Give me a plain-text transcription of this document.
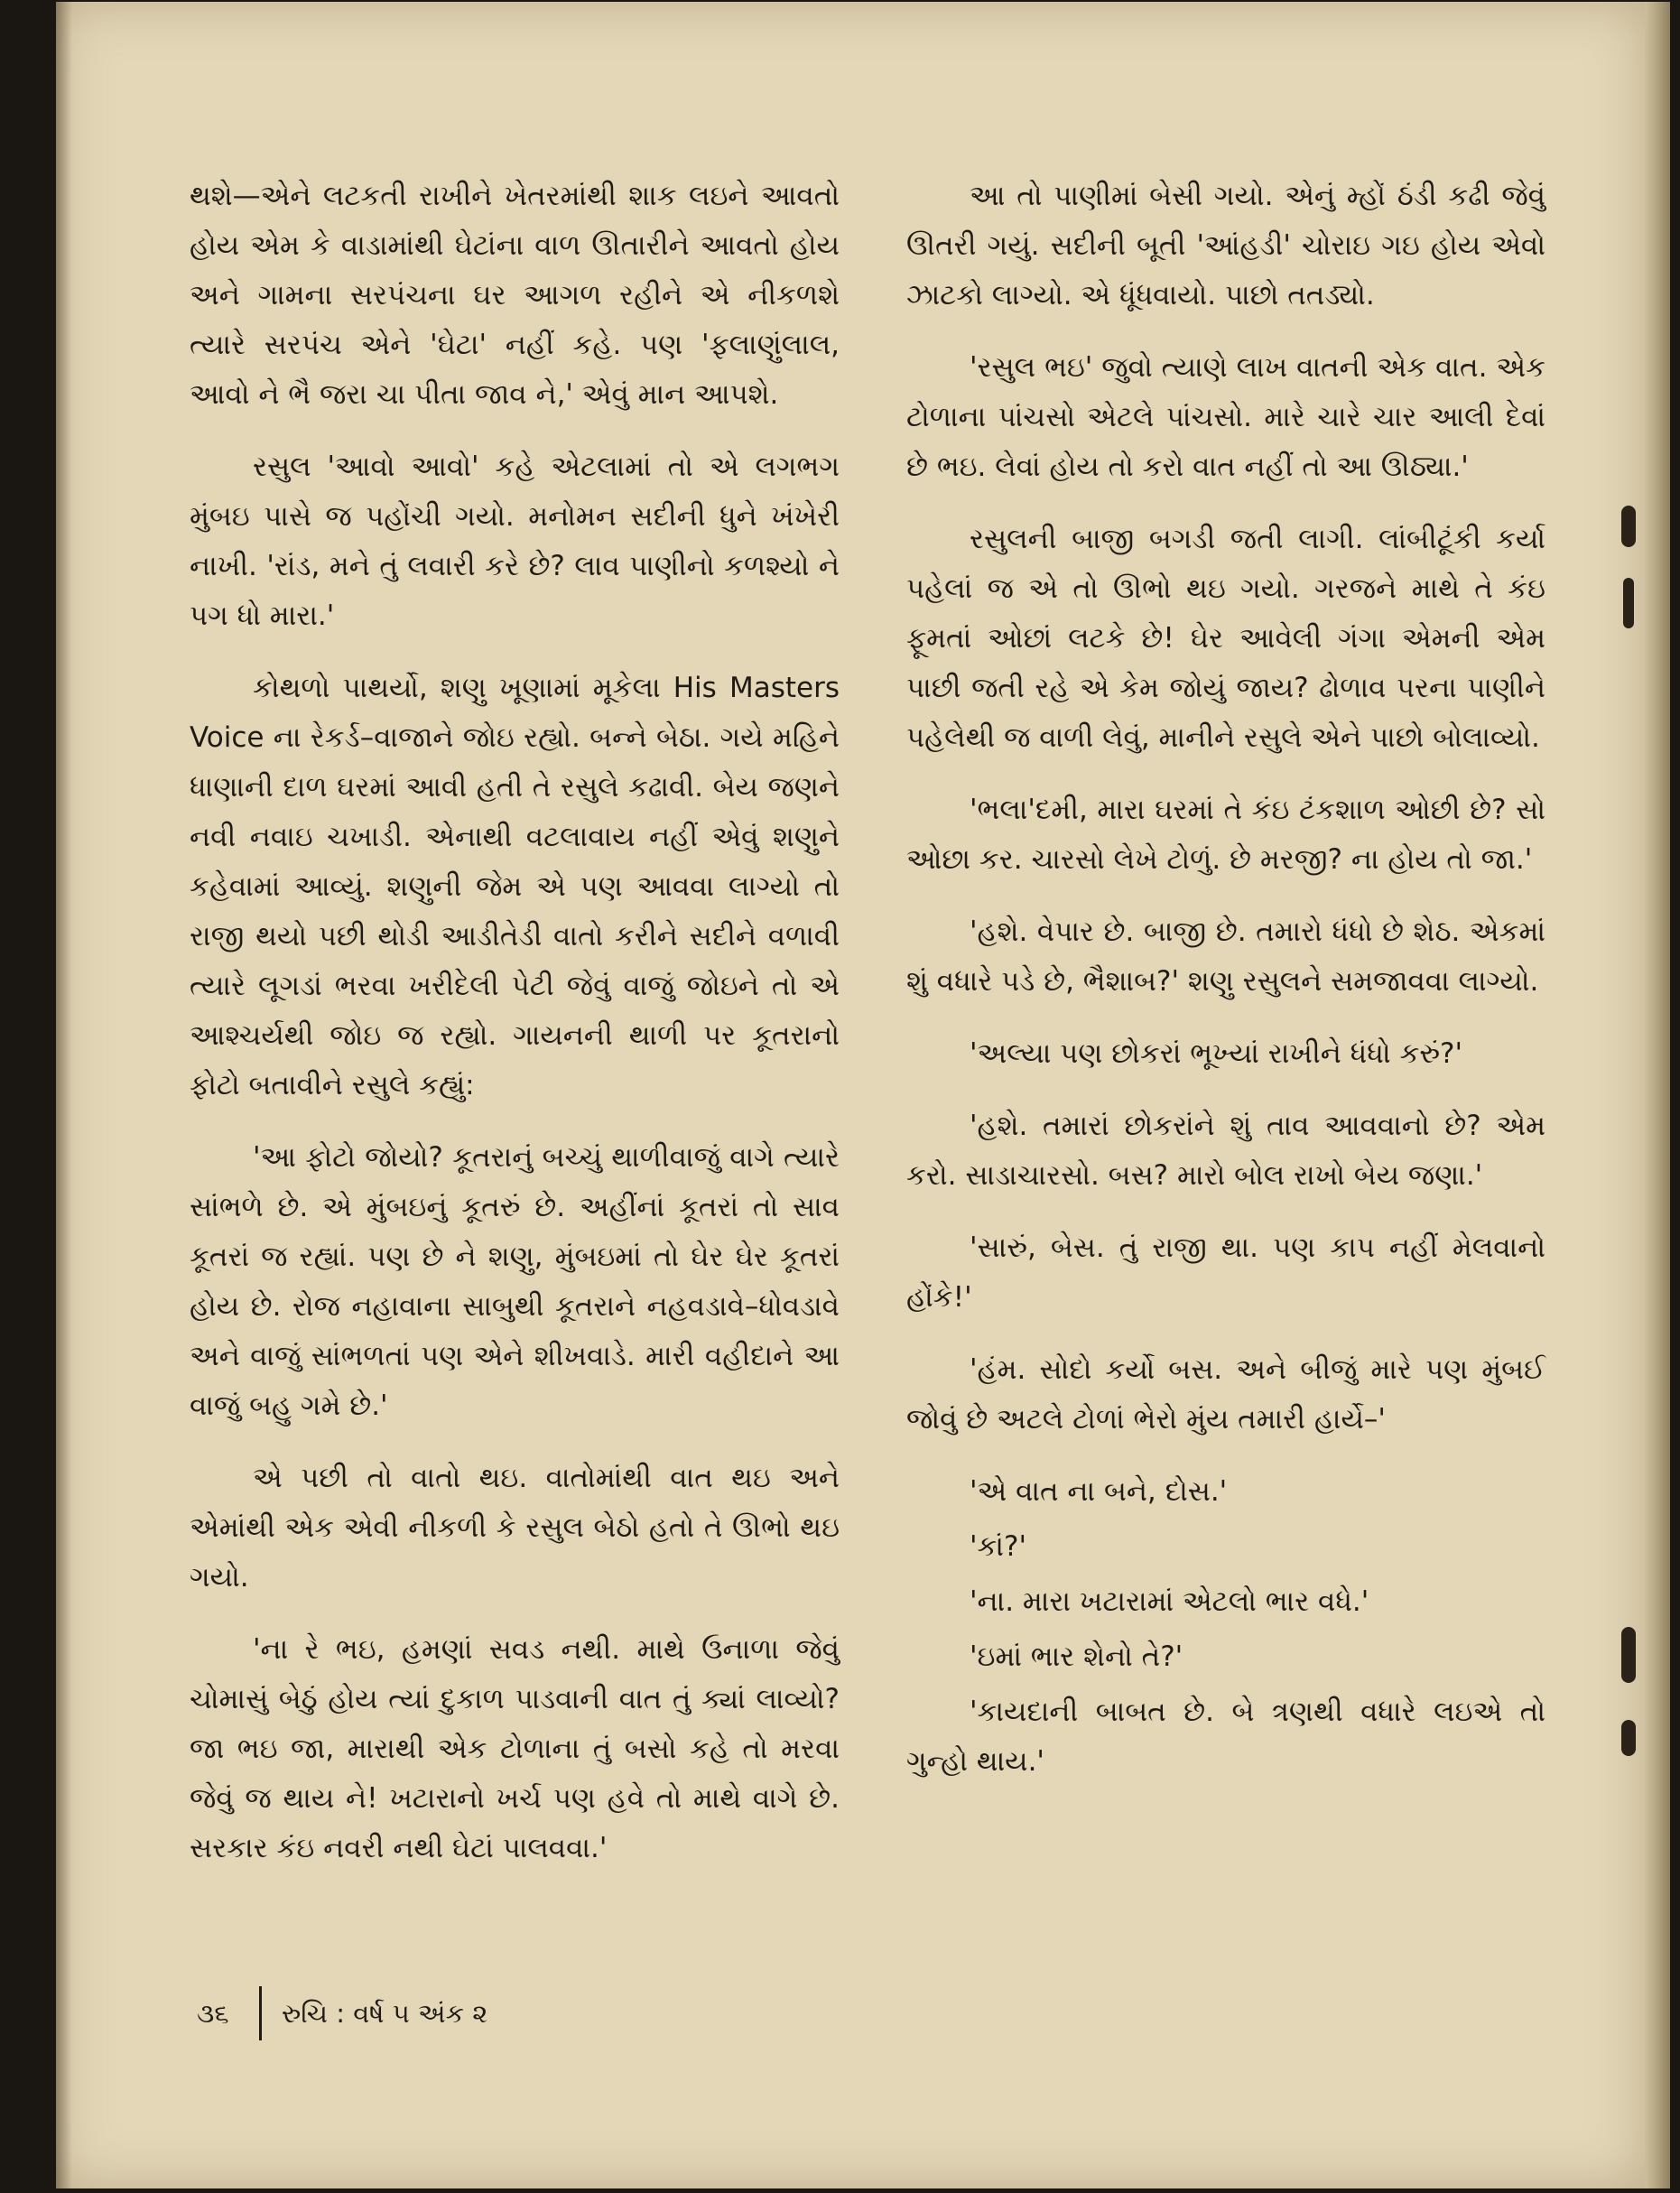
થશે—એને લટકતી રાખીને ખેતરમાંથી શાક લઇને આવતો હોય એમ કે વાડામાંથી ઘેટાંના વાળ ઊતારીને આવતો હોય અને ગામના સરપંચના ઘર આગળ રહીને એ નીકળશે ત્યારે સરપંચ એને 'ઘેટા' નહીં કહે. પણ 'ફલાણુંલાલ, આવો ને ભૈ જરા ચા પીતા જાવ ને,' એવું માન આપશે.

રસુલ 'આવો આવો' કહે એટલામાં તો એ લગભગ મુંબઇ પાસે જ પહોંચી ગયો. મનોમન સદીની ધુને ખંખેરી નાખી. 'રાંડ, મને તું લવારી કરે છે? લાવ પાણીનો કળશ્યો ને પગ ધો મારા.'

કોથળો પાથર્યો, શણુ ખૂણામાં મૂકેલા His Masters Voice ના રેકર્ડ–વાજાને જોઇ રહ્યો. બન્ને બેઠા. ગયે મહિને ધાણાની દાળ ઘરમાં આવી હતી તે રસુલે કઢાવી. બેય જણને નવી નવાઇ ચખાડી. એનાથી વટલાવાય નહીં એવું શણુને કહેવામાં આવ્યું. શણુની જેમ એ પણ આવવા લાગ્યો તો રાજી થયો પછી થોડી આડીતેડી વાતો કરીને સદીને વળાવી ત્યારે લૂગડાં ભરવા ખરીદેલી પેટી જેવું વાજું જોઇને તો એ આશ્ચર્યથી જોઇ જ રહ્યો. ગાયનની થાળી પર કૂતરાનો ફોટો બતાવીને રસુલે કહ્યું:

'આ ફોટો જોયો? કૂતરાનું બચ્ચું થાળીવાજું વાગે ત્યારે સાંભળે છે. એ મુંબઇનું કૂતરું છે. અહીંનાં કૂતરાં તો સાવ કૂતરાં જ રહ્યાં. પણ છે ને શણુ, મુંબઇમાં તો ઘેર ઘેર કૂતરાં હોય છે. રોજ નહાવાના સાબુથી કૂતરાને નહવડાવે–ધોવડાવે અને વાજું સાંભળતાં પણ એને શીખવાડે. મારી વહીદાને આ વાજું બહુ ગમે છે.'

એ પછી તો વાતો થઇ. વાતોમાંથી વાત થઇ અને એમાંથી એક એવી નીકળી કે રસુલ બેઠો હતો તે ઊભો થઇ ગયો.

'ના રે ભઇ, હમણાં સવડ નથી. માથે ઉનાળા જેવું ચોમાસું બેઠું હોય ત્યાં દુકાળ પાડવાની વાત તું ક્યાં લાવ્યો? જા ભઇ જા, મારાથી એક ટોળાના તું બસો કહે તો મરવા જેવું જ થાય ને! ખટારાનો ખર્ચ પણ હવે તો માથે વાગે છે. સરકાર કંઇ નવરી નથી ઘેટાં પાલવવા.'

આ તો પાણીમાં બેસી ગયો. એનું મ્હોં ઠંડી કઢી જેવું ઊતરી ગયું. સદીની બૂતી 'આંહડી' ચોરાઇ ગઇ હોય એવો ઝાટકો લાગ્યો. એ ધૂંધવાયો. પાછો તતડ્યો.

'રસુલ ભઇ' જુવો ત્યાણે લાખ વાતની એક વાત. એક ટોળાના પાંચસો એટલે પાંચસો. મારે ચારે ચાર આલી દેવાં છે ભઇ. લેવાં હોય તો કરો વાત નહીં તો આ ઊઠ્યા.'

રસુલની બાજી બગડી જતી લાગી. લાંબીટૂંકી કર્યા પહેલાં જ એ તો ઊભો થઇ ગયો. ગરજને માથે તે કંઇ ફૂમતાં ઓછાં લટકે છે! ઘેર આવેલી ગંગા એમની એમ પાછી જતી રહે એ કેમ જોયું જાય? ઢોળાવ પરના પાણીને પહેલેથી જ વાળી લેવું, માનીને રસુલે એને પાછો બોલાવ્યો.

'ભલા'દમી, મારા ઘરમાં તે કંઇ ટંકશાળ ઓછી છે? સો ઓછા કર. ચારસો લેખે ટોળું. છે મરજી? ના હોય તો જા.'

'હશે. વેપાર છે. બાજી છે. તમારો ધંધો છે શેઠ. એકમાં શું વધારે પડે છે, ભૈશાબ?' શણુ રસુલને સમજાવવા લાગ્યો.

'અલ્યા પણ છોકરાં ભૂખ્યાં રાખીને ધંધો કરું?'

'હશે. તમારાં છોકરાંને શું તાવ આવવાનો છે? એમ કરો. સાડાચારસો. બસ? મારો બોલ રાખો બેય જણા.'

'સારું, બેસ. તું રાજી થા. પણ કાપ નહીં મેલવાનો હોંકે!'

'હંમ. સોદો કર્યો બસ. અને બીજું મારે પણ મુંબઈ જોવું છે અટલે ટોળાં ભેરો મુંય તમારી હાર્યે–'

'એ વાત ના બને, દોસ.'

'કાં?'

'ના. મારા ખટારામાં એટલો ભાર વધે.'

'ઇમાં ભાર શેનો તે?'

'કાયદાની બાબત છે. બે ત્રણથી વધારે લઇએ તો ગુન્હો થાય.'

૩૬	રુચિ : વર્ષ ૫ અંક ૨
